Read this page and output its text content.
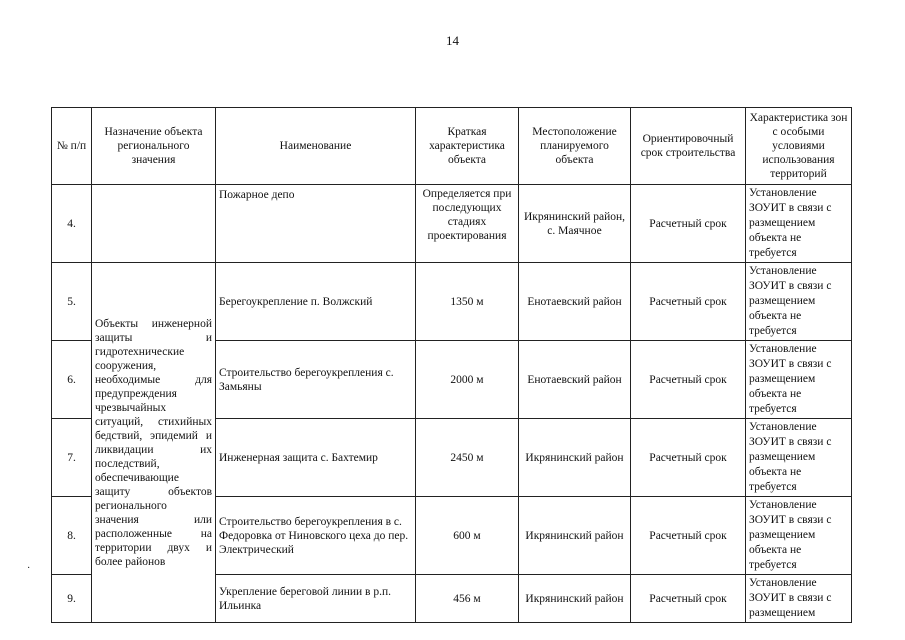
14
№ п/п	Назначение объекта регионального значения	Наименование	Краткая характеристика объекта	Местоположение планируемого объекта	Ориентировочный срок строительства	Характеристика зон с особыми условиями использования территорий
4.		Пожарное депо	Определяется при последующих стадиях проектирования	Икрянинский район, с. Маячное	Расчетный срок	Установление ЗОУИТ в связи с размещением объекта не требуется
5.	Объекты инженерной защиты и гидротехнические сооружения, необходимые для предупреждения чрезвычайных ситуаций, стихийных бедствий, эпидемий и ликвидации их последствий, обеспечивающие защиту объектов регионального значения или расположенные на территории двух и более районов	Берегоукрепление п. Волжский	1350 м	Енотаевский район	Расчетный срок	Установление ЗОУИТ в связи с размещением объекта не требуется
6.		Строительство берегоукрепления с. Замьяны	2000 м	Енотаевский район	Расчетный срок	Установление ЗОУИТ в связи с размещением объекта не требуется
7.		Инженерная защита с. Бахтемир	2450 м	Икрянинский район	Расчетный срок	Установление ЗОУИТ в связи с размещением объекта не требуется
8.		Строительство берегоукрепления в с. Федоровка от Ниновского цеха до пер. Электрический	600 м	Икрянинский район	Расчетный срок	Установление ЗОУИТ в связи с размещением объекта не требуется
9.		Укрепление береговой линии в р.п. Ильинка	456 м	Икрянинский район	Расчетный срок	Установление ЗОУИТ в связи с размещением
·
